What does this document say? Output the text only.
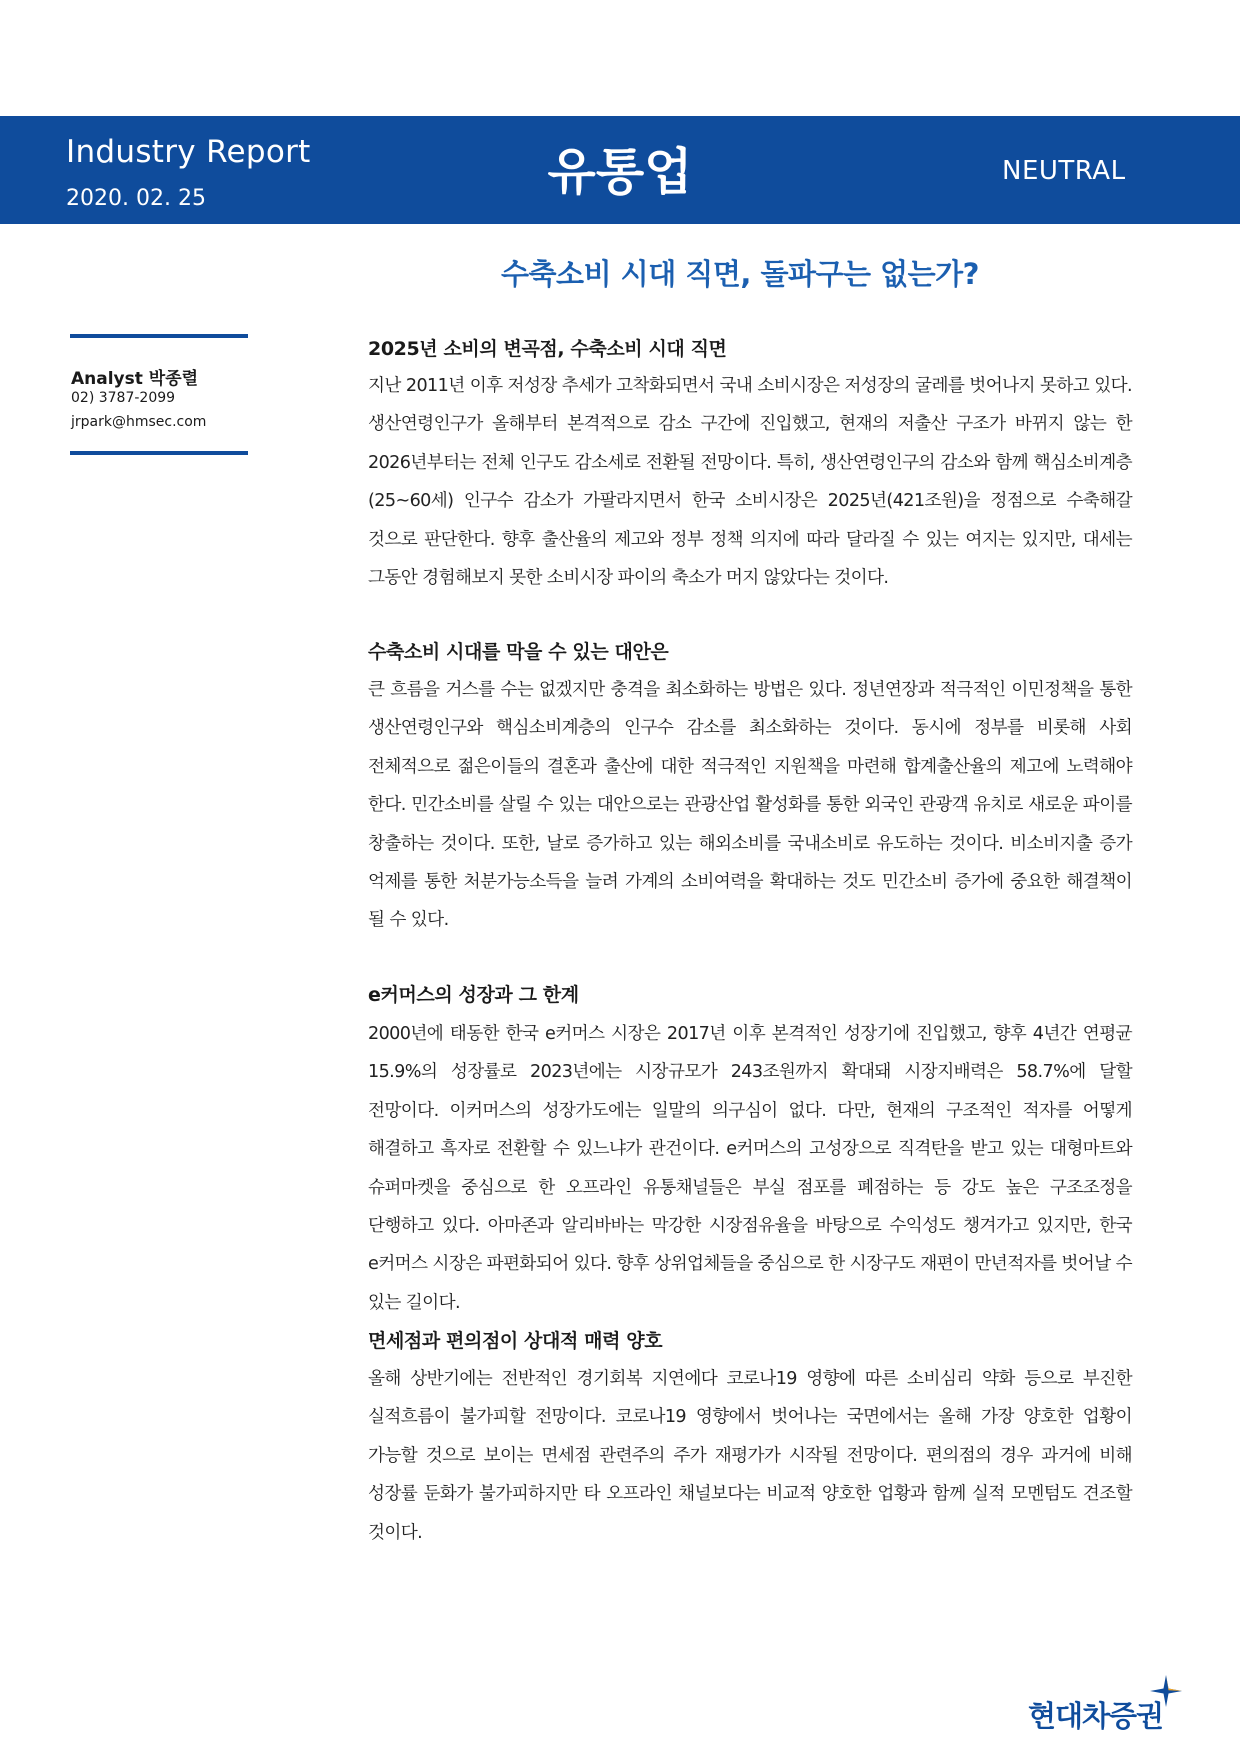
Industry Report
2020. 02. 25	유통업	NEUTRAL
수축소비 시대 직면, 돌파구는 없는가?
Analyst 박종렬
02) 3787-2099
jrpark@hmsec.com
2025년 소비의 변곡점, 수축소비 시대 직면

지난 2011년 이후 저성장 추세가 고착화되면서 국내 소비시장은 저성장의 굴레를 벗어나지 못하고 있다. 생산연령인구가 올해부터 본격적으로 감소 구간에 진입했고, 현재의 저출산 구조가 바뀌지 않는 한 2026년부터는 전체 인구도 감소세로 전환될 전망이다. 특히, 생산연령인구의 감소와 함께 핵심소비계층(25~60세) 인구수 감소가 가팔라지면서 한국 소비시장은 2025년(421조원)을 정점으로 수축해갈 것으로 판단한다. 향후 출산율의 제고와 정부 정책 의지에 따라 달라질 수 있는 여지는 있지만, 대세는 그동안 경험해보지 못한 소비시장 파이의 축소가 머지 않았다는 것이다.

수축소비 시대를 막을 수 있는 대안은

큰 흐름을 거스를 수는 없겠지만 충격을 최소화하는 방법은 있다. 정년연장과 적극적인 이민정책을 통한 생산연령인구와 핵심소비계층의 인구수 감소를 최소화하는 것이다. 동시에 정부를 비롯해 사회 전체적으로 젊은이들의 결혼과 출산에 대한 적극적인 지원책을 마련해 합계출산율의 제고에 노력해야 한다. 민간소비를 살릴 수 있는 대안으로는 관광산업 활성화를 통한 외국인 관광객 유치로 새로운 파이를 창출하는 것이다. 또한, 날로 증가하고 있는 해외소비를 국내소비로 유도하는 것이다. 비소비지출 증가 억제를 통한 처분가능소득을 늘려 가계의 소비여력을 확대하는 것도 민간소비 증가에 중요한 해결책이 될 수 있다.

e커머스의 성장과 그 한계

2000년에 태동한 한국 e커머스 시장은 2017년 이후 본격적인 성장기에 진입했고, 향후 4년간 연평균 15.9%의 성장률로 2023년에는 시장규모가 243조원까지 확대돼 시장지배력은 58.7%에 달할 전망이다. 이커머스의 성장가도에는 일말의 의구심이 없다. 다만, 현재의 구조적인 적자를 어떻게 해결하고 흑자로 전환할 수 있느냐가 관건이다. e커머스의 고성장으로 직격탄을 받고 있는 대형마트와 슈퍼마켓을 중심으로 한 오프라인 유통채널들은 부실 점포를 폐점하는 등 강도 높은 구조조정을 단행하고 있다. 아마존과 알리바바는 막강한 시장점유율을 바탕으로 수익성도 챙겨가고 있지만, 한국 e커머스 시장은 파편화되어 있다. 향후 상위업체들을 중심으로 한 시장구도 재편이 만년적자를 벗어날 수 있는 길이다.

면세점과 편의점이 상대적 매력 양호

올해 상반기에는 전반적인 경기회복 지연에다 코로나19 영향에 따른 소비심리 약화 등으로 부진한 실적흐름이 불가피할 전망이다. 코로나19 영향에서 벗어나는 국면에서는 올해 가장 양호한 업황이 가능할 것으로 보이는 면세점 관련주의 주가 재평가가 시작될 전망이다. 편의점의 경우 과거에 비해 성장률 둔화가 불가피하지만 타 오프라인 채널보다는 비교적 양호한 업황과 함께 실적 모멘텀도 견조할 것이다.

현대차증권
